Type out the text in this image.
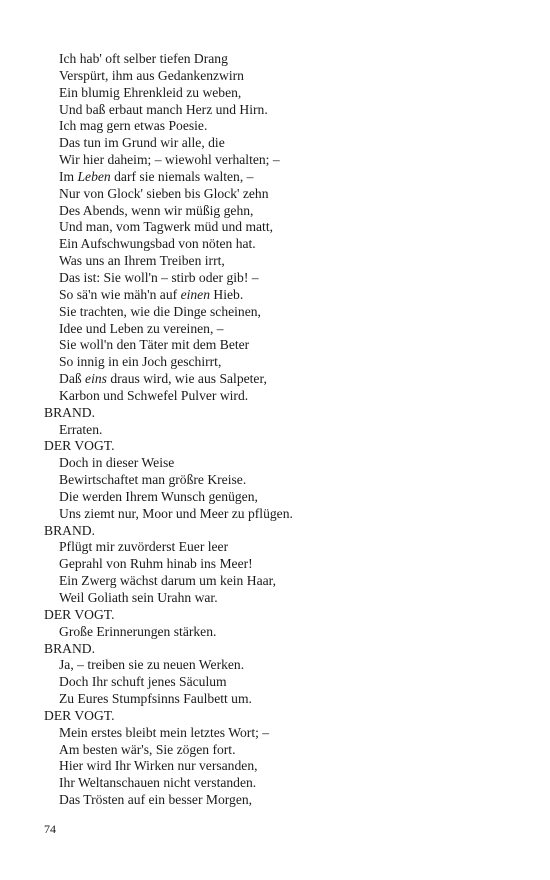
Ich hab' oft selber tiefen Drang
Verspürt, ihm aus Gedankenzwirn
Ein blumig Ehrenkleid zu weben,
Und baß erbaut manch Herz und Hirn.
Ich mag gern etwas Poesie.
Das tun im Grund wir alle, die
Wir hier daheim; – wiewohl verhalten; –
Im Leben darf sie niemals walten, –
Nur von Glock' sieben bis Glock' zehn
Des Abends, wenn wir müßig gehn,
Und man, vom Tagwerk müd und matt,
Ein Aufschwungsbad von nöten hat.
Was uns an Ihrem Treiben irrt,
Das ist: Sie woll'n – stirb oder gib! –
So sä'n wie mäh'n auf einen Hieb.
Sie trachten, wie die Dinge scheinen,
Idee und Leben zu vereinen, –
Sie woll'n den Täter mit dem Beter
So innig in ein Joch geschirrt,
Daß eins draus wird, wie aus Salpeter,
Karbon und Schwefel Pulver wird.
BRAND.
Erraten.
DER VOGT.
Doch in dieser Weise
Bewirtschaftet man größre Kreise.
Die werden Ihrem Wunsch genügen,
Uns ziemt nur, Moor und Meer zu pflügen.
BRAND.
Pflügt mir zuvörderst Euer leer
Geprahl von Ruhm hinab ins Meer!
Ein Zwerg wächst darum um kein Haar,
Weil Goliath sein Urahn war.
DER VOGT.
Große Erinnerungen stärken.
BRAND.
Ja, – treiben sie zu neuen Werken.
Doch Ihr schuft jenes Säculum
Zu Eures Stumpfsinns Faulbett um.
DER VOGT.
Mein erstes bleibt mein letztes Wort; –
Am besten wär's, Sie zögen fort.
Hier wird Ihr Wirken nur versanden,
Ihr Weltanschauen nicht verstanden.
Das Trösten auf ein besser Morgen,
74
